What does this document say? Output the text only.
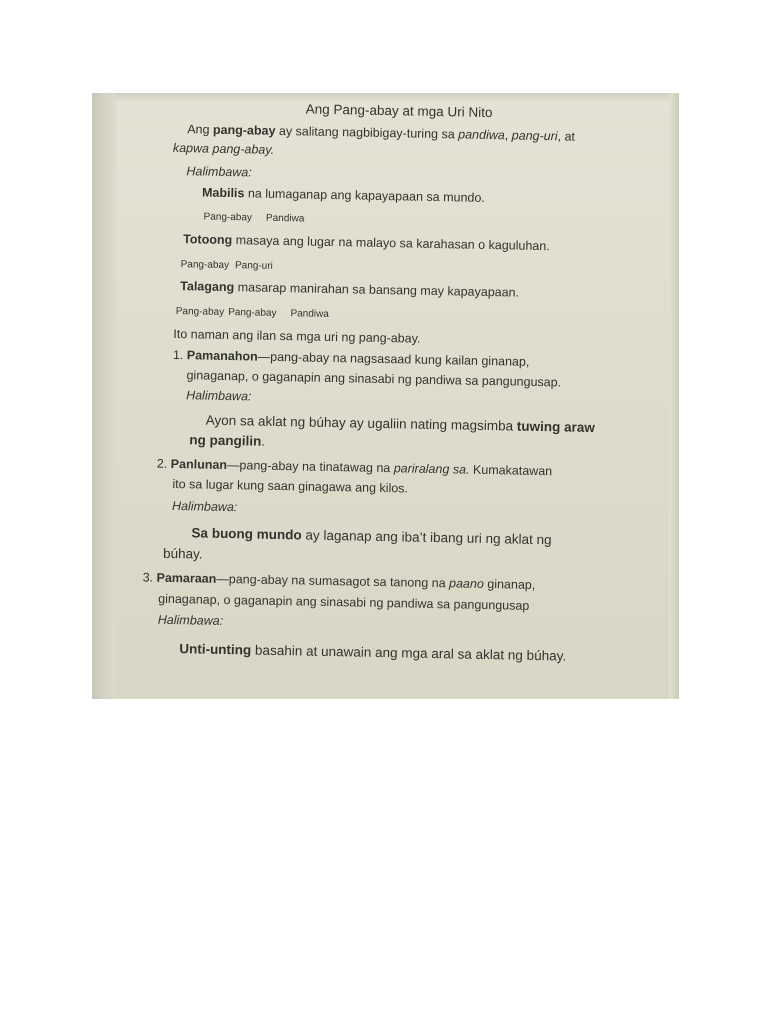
Ang Pang-abay at mga Uri Nito
Ang pang-abay ay salitang nagbibigay-turing sa pandiwa, pang-uri, at
kapwa pang-abay.
Halimbawa:
Mabilis na lumaganap ang kapayapaan sa mundo.
Pang-abay Pandiwa
Totoong masaya ang lugar na malayo sa karahasan o kaguluhan.
Pang-abay Pang-uri
Talagang masarap manirahan sa bansang may kapayapaan.
Pang-abay Pang-abay Pandiwa
Ito naman ang ilan sa mga uri ng pang-abay.
1. Pamanahon—pang-abay na nagsasaad kung kailan ginanap,
ginaganap, o gaganapin ang sinasabi ng pandiwa sa pangungusap.
Halimbawa:
Ayon sa aklat ng búhay ay ugaliin nating magsimba tuwing araw
ng pangilin.
2. Panlunan—pang-abay na tinatawag na pariralang sa. Kumakatawan
ito sa lugar kung saan ginagawa ang kilos.
Halimbawa:
Sa buong mundo ay laganap ang iba’t ibang uri ng aklat ng
búhay.
3. Pamaraan—pang-abay na sumasagot sa tanong na paano ginanap,
ginaganap, o gaganapin ang sinasabi ng pandiwa sa pangungusap
Halimbawa:
Unti-unting basahin at unawain ang mga aral sa aklat ng búhay.
